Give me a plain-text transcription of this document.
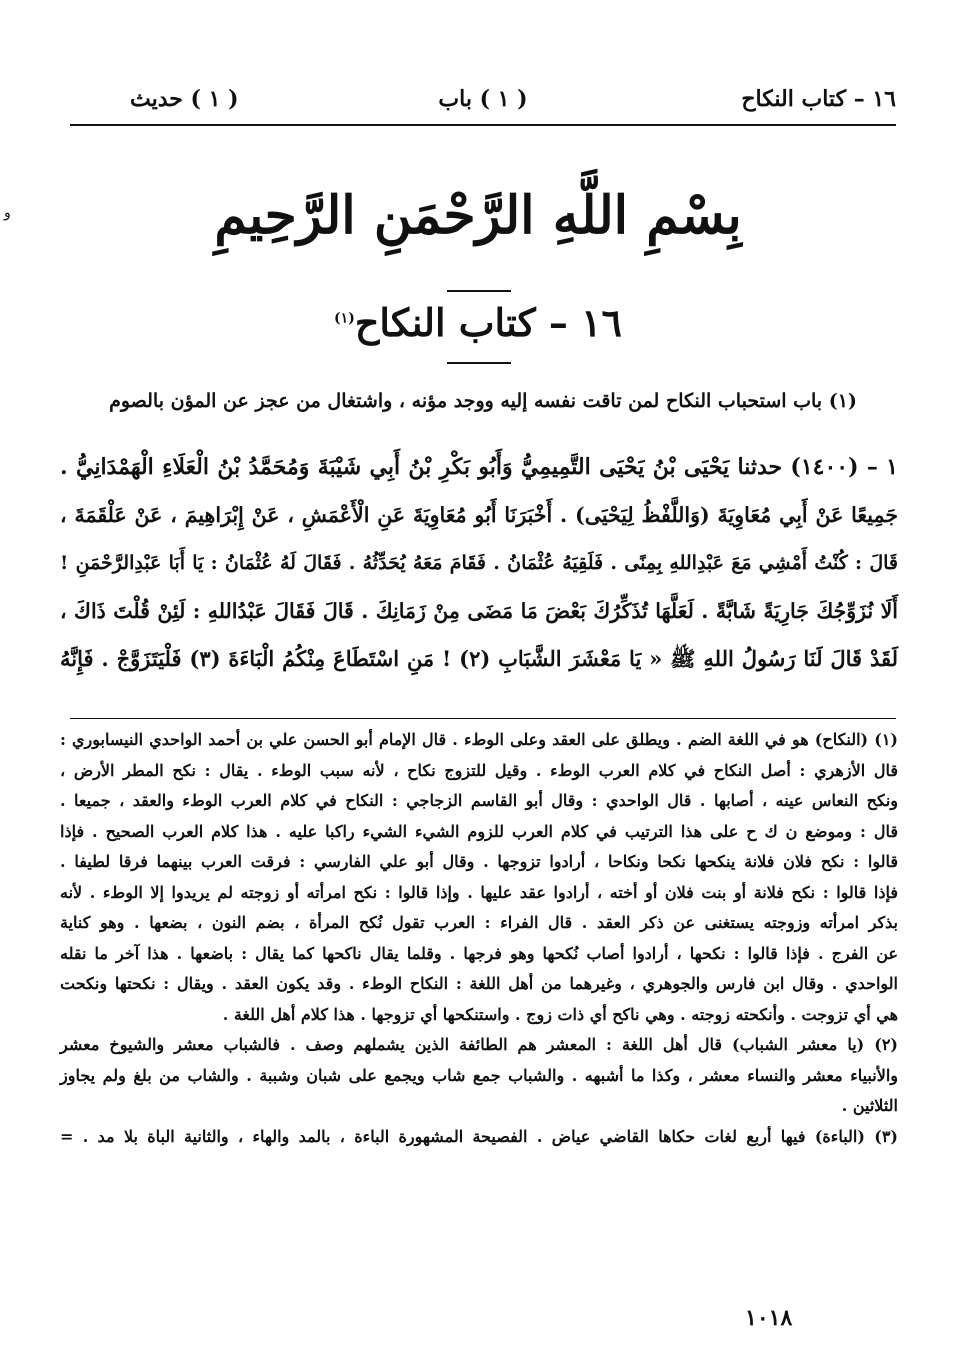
١٦ – كتاب النكاح
( ١ ) باب
( ١ ) حديث
ﻭ	بِسْمِ اللَّهِ الرَّحْمَنِ الرَّحِيمِ
١٦ – كتاب النكاح$^{(١)}$
(١) باب استحباب النكاح لمن تاقت نفسه إليه ووجد مؤنه ، واشتغال من عجز عن المؤن بالصوم
١ – (١٤٠٠) حدثنا يَحْيَى بْنُ يَحْيَى التَّمِيمِيُّ وَأَبُو بَكْرِ بْنُ أَبِي شَيْبَةَ وَمُحَمَّدُ بْنُ الْعَلَاءِ الْهَمْدَانِيُّ .
جَمِيعًا عَنْ أَبِي مُعَاوِيَةَ (وَاللَّفْظُ لِيَحْيَى) . أَخْبَرَنَا أَبُو مُعَاوِيَةَ عَنِ الْأَعْمَشِ ، عَنْ إِبْرَاهِيمَ ، عَنْ عَلْقَمَةَ ،
قَالَ : كُنْتُ أَمْشِي مَعَ عَبْدِاللهِ بِمِنًى . فَلَقِيَهُ عُثْمَانُ . فَقَامَ مَعَهُ يُحَدِّثُهُ . فَقَالَ لَهُ عُثْمَانُ : يَا أَبَا عَبْدِالرَّحْمَنِ !
أَلَا نُزَوِّجُكَ جَارِيَةً شَابَّةً . لَعَلَّهَا تُذَكِّرُكَ بَعْضَ مَا مَضَى مِنْ زَمَانِكَ . قَالَ فَقَالَ عَبْدُاللهِ : لَئِنْ قُلْتَ ذَاكَ ،
لَقَدْ قَالَ لَنَا رَسُولُ اللهِ ﷺ « يَا مَعْشَرَ الشَّبَابِ (٢) ! مَنِ اسْتَطَاعَ مِنْكُمُ الْبَاءَةَ (٣) فَلْيَتَزَوَّجْ . فَإِنَّهُ
(١) (النكاح) هو في اللغة الضم . ويطلق على العقد وعلى الوطء . قال الإمام أبو الحسن علي بن أحمد الواحدي النيسابوري :
قال الأزهري : أصل النكاح في كلام العرب الوطء . وقيل للتزوج نكاح ، لأنه سبب الوطء . يقال : نكح المطر الأرض ،
ونكح النعاس عينه ، أصابها . قال الواحدي : وقال أبو القاسم الزجاجي : النكاح في كلام العرب الوطء والعقد ، جميعا .
قال : وموضع ن ك ح على هذا الترتيب في كلام العرب للزوم الشيء الشيء راكبا عليه . هذا كلام العرب الصحيح . فإذا
قالوا : نكح فلان فلانة ينكحها نكحا ونكاحا ، أرادوا تزوجها . وقال أبو علي الفارسي : فرقت العرب بينهما فرقا لطيفا .
فإذا قالوا : نكح فلانة أو بنت فلان أو أخته ، أرادوا عقد عليها . وإذا قالوا : نكح امرأته أو زوجته لم يريدوا إلا الوطء . لأنه
بذكر امرأته وزوجته يستغنى عن ذكر العقد . قال الفراء : العرب تقول نُكح المرأة ، بضم النون ، بضعها . وهو كناية
عن الفرج . فإذا قالوا : نكحها ، أرادوا أصاب نُكحها وهو فرجها . وقلما يقال ناكحها كما يقال : باضعها . هذا آخر ما نقله
الواحدي . وقال ابن فارس والجوهري ، وغيرهما من أهل اللغة : النكاح الوطء . وقد يكون العقد . ويقال : نكحتها ونكحت
هي أي تزوجت . وأنكحته زوجته . وهي ناكح أي ذات زوج . واستنكحها أي تزوجها . هذا كلام أهل اللغة .
(٢) (يا معشر الشباب) قال أهل اللغة : المعشر هم الطائفة الذين يشملهم وصف . فالشباب معشر والشيوخ معشر
والأنبياء معشر والنساء معشر ، وكذا ما أشبهه . والشباب جمع شاب ويجمع على شبان وشببة . والشاب من بلغ ولم يجاوز
الثلاثين .
(٣) (الباءة) فيها أربع لغات حكاها القاضي عياض . الفصيحة المشهورة الباءة ، بالمد والهاء ، والثانية الباة بلا مد . =
١٠١٨
